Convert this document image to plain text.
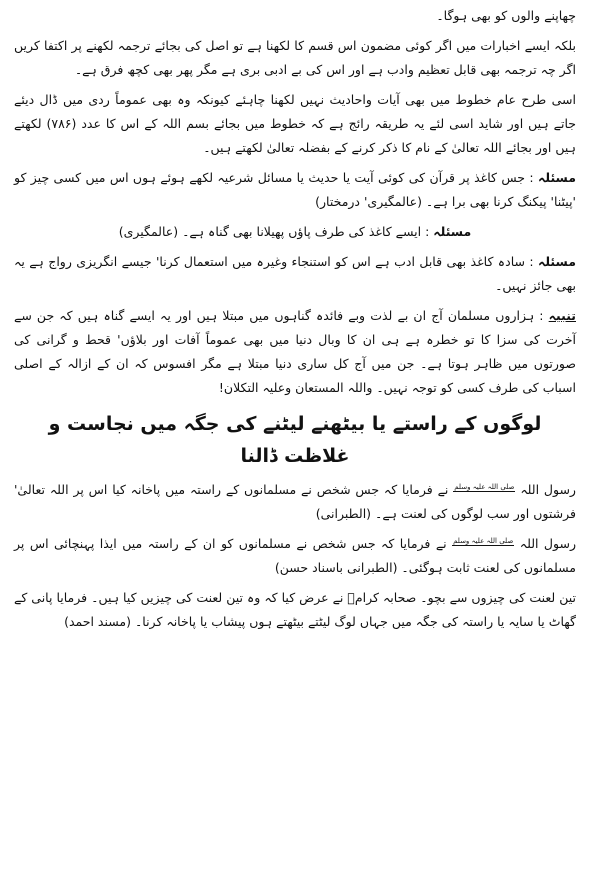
چھاپنے والوں کو بھی ہوگا۔

بلکہ ایسے اخبارات میں اگر کوئی مضمون اس قسم کا لکھنا ہے تو اصل کی بجائے ترجمہ لکھنے پر اکتفا کریں اگر چہ ترجمہ بھی قابل تعظیم وادب ہے اور اس کی بے ادبی بری ہے مگر پھر بھی کچھ فرق ہے۔

اسی طرح عام خطوط میں بھی آیات واحادیث نہیں لکھنا چاہئے کیونکہ وہ بھی عموماً ردی میں ڈال دیئے جاتے ہیں اور شاید اسی لئے یہ طریقہ رائج ہے کہ خطوط میں بجائے بسم اللہ کے اس کا عدد (۷۸۶) لکھتے ہیں اور بجائے اللہ تعالیٰ کے نام کا ذکر کرنے کے بفضلہ تعالیٰ لکھتے ہیں۔

مسئلہ : جس کاغذ پر قرآن کی کوئی آیت یا حدیث یا مسائل شرعیہ لکھے ہوئے ہوں اس میں کسی چیز کو 'پیٹنا' پیکنگ کرنا بھی برا ہے۔ (عالمگیری' درمختار)

مسئلہ : ایسے کاغذ کی طرف پاؤں پھیلانا بھی گناہ ہے۔ (عالمگیری)

مسئلہ : سادہ کاغذ بھی قابل ادب ہے اس کو استنجاء وغیرہ میں استعمال کرنا' جیسے انگریزی رواج ہے یہ بھی جائز نہیں۔

تنبیہ : ہزاروں مسلمان آج ان بے لذت وبے فائدہ گناہوں میں مبتلا ہیں اور یہ ایسے گناہ ہیں کہ جن سے آخرت کی سزا کا تو خطرہ ہے ہی ان کا وبال دنیا میں بھی عموماً آفات اور بلاؤں' قحط و گرانی کی صورتوں میں ظاہر ہوتا ہے۔ جن میں آج کل ساری دنیا مبتلا ہے مگر افسوس کہ ان کے ازالہ کے اصلی اسباب کی طرف کسی کو توجہ نہیں۔ واللہ المستعان وعلیہ التکلان!

لوگوں کے راستے یا بیٹھنے لیٹنے کی جگہ میں نجاست و غلاظت ڈالنا

رسول اللہ صلی اللہ علیہ وسلم نے فرمایا کہ جس شخص نے مسلمانوں کے راستہ میں پاخانہ کیا اس پر اللہ تعالیٰ' فرشتوں اور سب لوگوں کی لعنت ہے۔ (الطبرانی)

رسول اللہ صلی اللہ علیہ وسلم نے فرمایا کہ جس شخص نے مسلمانوں کو ان کے راستہ میں ایذا پہنچائی اس پر مسلمانوں کی لعنت ثابت ہوگئی۔ (الطبرانی باسناد حسن)

تین لعنت کی چیزوں سے بچو۔ صحابہ کرامؓ نے عرض کیا کہ وہ تین لعنت کی چیزیں کیا ہیں۔ فرمایا پانی کے گھاٹ یا سایہ یا راستہ کی جگہ میں جہاں لوگ لیٹتے بیٹھتے ہوں پیشاب یا پاخانہ کرنا۔ (مسند احمد)
